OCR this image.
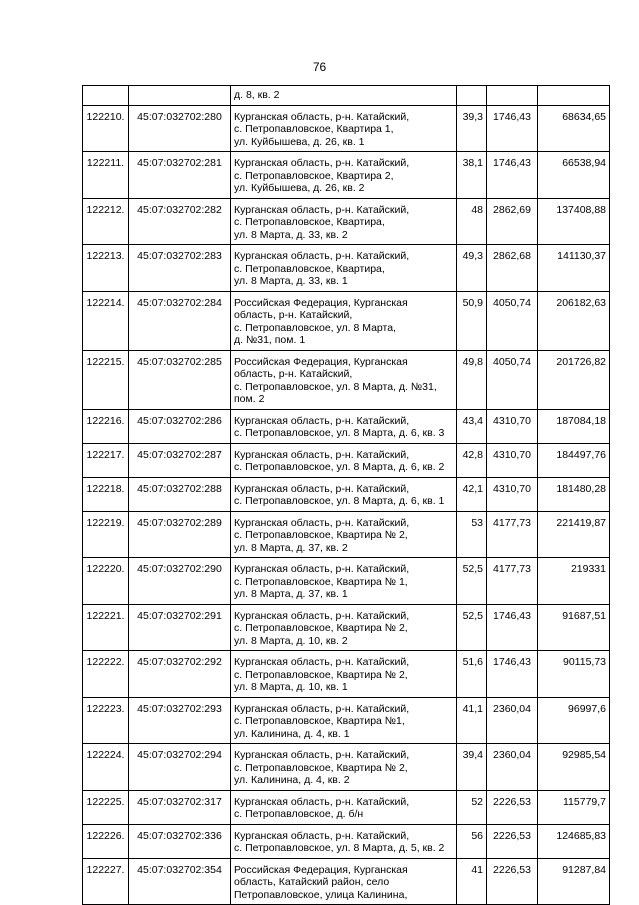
76
		д. 8, кв. 2			
122210.	45:07:032702:280	Курганская область, р-н. Катайский,
с. Петропавловское, Квартира 1,
ул. Куйбышева, д. 26, кв. 1	39,3	1746,43	68634,65
122211.	45:07:032702:281	Курганская область, р-н. Катайский,
с. Петропавловское, Квартира 2,
ул. Куйбышева, д. 26, кв. 2	38,1	1746,43	66538,94
122212.	45:07:032702:282	Курганская область, р-н. Катайский,
с. Петропавловское, Квартира,
ул. 8 Марта, д. 33, кв. 2	48	2862,69	137408,88
122213.	45:07:032702:283	Курганская область, р-н. Катайский,
с. Петропавловское, Квартира,
ул. 8 Марта, д. 33, кв. 1	49,3	2862,68	141130,37
122214.	45:07:032702:284	Российская Федерация, Курганская
область, р-н. Катайский,
с. Петропавловское, ул. 8 Марта,
д. №31, пом. 1	50,9	4050,74	206182,63
122215.	45:07:032702:285	Российская Федерация, Курганская
область, р-н. Катайский,
с. Петропавловское, ул. 8 Марта, д. №31,
пом. 2	49,8	4050,74	201726,82
122216.	45:07:032702:286	Курганская область, р-н. Катайский,
с. Петропавловское, ул. 8 Марта, д. 6, кв. 3	43,4	4310,70	187084,18
122217.	45:07:032702:287	Курганская область, р-н. Катайский,
с. Петропавловское, ул. 8 Марта, д. 6, кв. 2	42,8	4310,70	184497,76
122218.	45:07:032702:288	Курганская область, р-н. Катайский,
с. Петропавловское, ул. 8 Марта, д. 6, кв. 1	42,1	4310,70	181480,28
122219.	45:07:032702:289	Курганская область, р-н. Катайский,
с. Петропавловское, Квартира № 2,
ул. 8 Марта, д. 37, кв. 2	53	4177,73	221419,87
122220.	45:07:032702:290	Курганская область, р-н. Катайский,
с. Петропавловское, Квартира № 1,
ул. 8 Марта, д. 37, кв. 1	52,5	4177,73	219331
122221.	45:07:032702:291	Курганская область, р-н. Катайский,
с. Петропавловское, Квартира № 2,
ул. 8 Марта, д. 10, кв. 2	52,5	1746,43	91687,51
122222.	45:07:032702:292	Курганская область, р-н. Катайский,
с. Петропавловское, Квартира № 2,
ул. 8 Марта, д. 10, кв. 1	51,6	1746,43	90115,73
122223.	45:07:032702:293	Курганская область, р-н. Катайский,
с. Петропавловское, Квартира №1,
ул. Калинина, д. 4, кв. 1	41,1	2360,04	96997,6
122224.	45:07:032702:294	Курганская область, р-н. Катайский,
с. Петропавловское, Квартира № 2,
ул. Калинина, д. 4, кв. 2	39,4	2360,04	92985,54
122225.	45:07:032702:317	Курганская область, р-н. Катайский,
с. Петропавловское, д. б/н	52	2226,53	115779,7
122226.	45:07:032702:336	Курганская область, р-н. Катайский,
с. Петропавловское, ул. 8 Марта, д. 5, кв. 2	56	2226,53	124685,83
122227.	45:07:032702:354	Российская Федерация, Курганская
область, Катайский район, село
Петропавловское, улица Калинина,	41	2226,53	91287,84
